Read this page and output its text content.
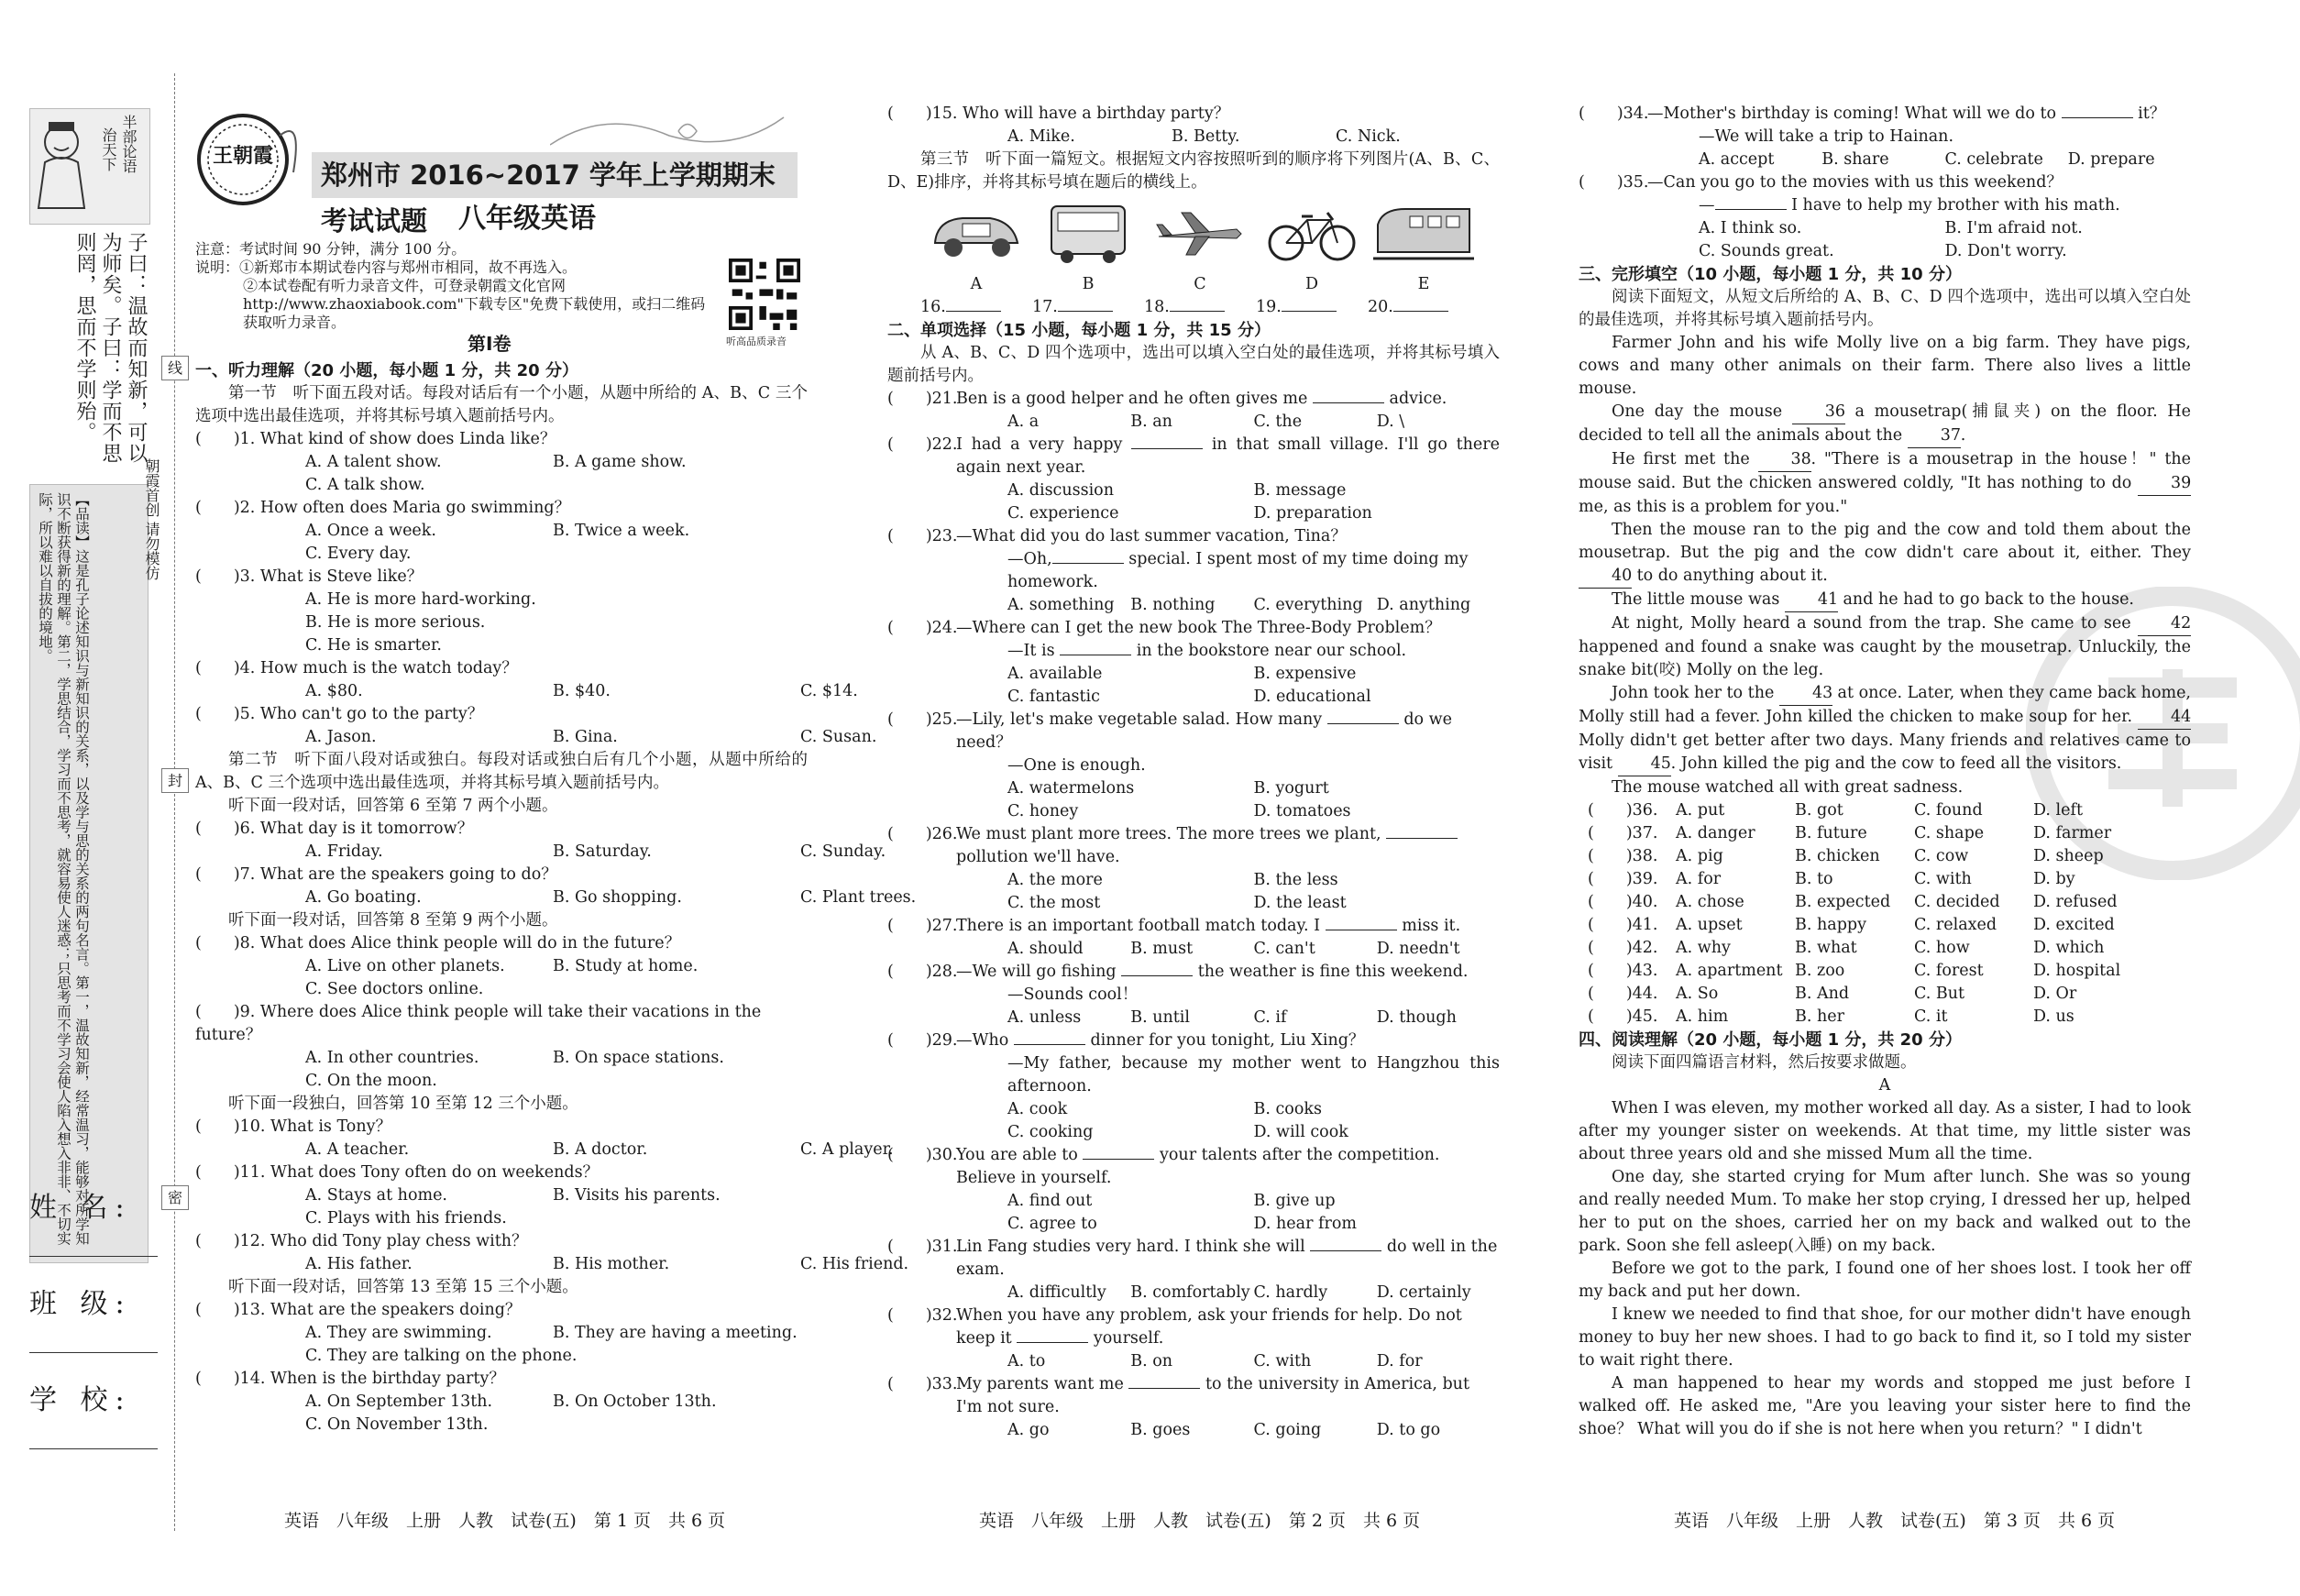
半部论语
治天下
子曰：温故而知新，可以为师矣。子曰：学而不思则罔，思而不学则殆。
【品读】这是孔子论述知识与新知识的关系，以及学与思的关系的两句名言。第一，温故知新，经常温习，能够对所学知识不断获得新的理解。第二，学思结合，学习而不思考，就容易使人迷惑；只思考而不学习会使人陷入想入非非、不切实际，所以难以自拔的境地。
姓 名:
班 级:
学 校:
线
封
密
朝霞首创 请勿模仿
王朝霞
郑州市 2016~2017 学年上学期期末考试试题	八年级英语
注意：考试时间 90 分钟，满分 100 分。
说明：①新郑市本期试卷内容与郑州市相同，故不再选入。
②本试卷配有听力录音文件，可登录朝霞文化官网 http://www.zhaoxiabook.com"下载专区"免费下载使用，或扫二维码获取听力录音。
听高品质录音
第Ⅰ卷
一、听力理解（20 小题，每小题 1 分，共 20 分）
第一节　听下面五段对话。每段对话后有一个小题，从题中所给的 A、B、C 三个选项中选出最佳选项，并将其标号填入题前括号内。
(　　)1. What kind of show does Linda like？
A. A talent show.	B. A game show.
C. A talk show.
(　　)2. How often does Maria go swimming？
A. Once a week.	B. Twice a week.
C. Every day.
(　　)3. What is Steve like？
A. He is more hard-working.
B. He is more serious.
C. He is smarter.
(　　)4. How much is the watch today？
A. $80.	B. $40.	C. $14.
(　　)5. Who can't go to the party？
A. Jason.	B. Gina.	C. Susan.
第二节　听下面八段对话或独白。每段对话或独白后有几个小题，从题中所给的 A、B、C 三个选项中选出最佳选项，并将其标号填入题前括号内。
听下面一段对话，回答第 6 至第 7 两个小题。
(　　)6. What day is it tomorrow？
A. Friday.	B. Saturday.	C. Sunday.
(　　)7. What are the speakers going to do？
A. Go boating.	B. Go shopping.	C. Plant trees.
听下面一段对话，回答第 8 至第 9 两个小题。
(　　)8. What does Alice think people will do in the future？
A. Live on other planets.	B. Study at home.
C. See doctors online.
(　　)9. Where does Alice think people will take their vacations in the future？
A. In other countries.	B. On space stations.
C. On the moon.
听下面一段独白，回答第 10 至第 12 三个小题。
(　　)10. What is Tony？
A. A teacher.	B. A doctor.	C. A player.
(　　)11. What does Tony often do on weekends？
A. Stays at home.	B. Visits his parents.
C. Plays with his friends.
(　　)12. Who did Tony play chess with？
A. His father.	B. His mother.	C. His friend.
听下面一段对话，回答第 13 至第 15 三个小题。
(　　)13. What are the speakers doing？
A. They are swimming.	B. They are having a meeting.
C. They are talking on the phone.
(　　)14. When is the birthday party？
A. On September 13th.	B. On October 13th.
C. On November 13th.
英语　八年级　上册　人教　试卷(五)　第 1 页　共 6 页
(　　)15. Who will have a birthday party？
A. Mike.	B. Betty.	C. Nick.
第三节　听下面一篇短文。根据短文内容按照听到的顺序将下列图片(A、B、C、D、E)排序，并将其标号填在题后的横线上。
A	B	C	D	E
16.	17.	18.	19.	20.
二、单项选择（15 小题，每小题 1 分，共 15 分）
从 A、B、C、D 四个选项中，选出可以填入空白处的最佳选项，并将其标号填入题前括号内。
(　　)21.
Ben is a good helper and he often gives me	advice.
A. a	B. an	C. the	D. \
(　　)22.
I had a very happy	in that small village. I'll go there again next year.
A. discussion	B. message
C. experience	D. preparation
(　　)23.
—What did you do last summer vacation, Tina？
—Oh,	special. I spent most of my time doing my homework.
A. something	B. nothing	C. everything D. anything
(　　)24.
—Where can I get the new book The Three-Body Problem？
—It is	in the bookstore near our school.
A. available	B. expensive
C. fantastic	D. educational
(　　)25.
—Lily, let's make vegetable salad. How many	do we need？
—One is enough.
A. watermelons	B. yogurt
C. honey	D. tomatoes
(　　)26.
We must plant more trees. The more trees we plant,  pollution we'll have.
A. the more	B. the less
C. the most	D. the least
(　　)27.
There is an important football match today. I	miss it.
A. should	B. must	C. can't	D. needn't
(　　)28.
—We will go fishing	the weather is fine this weekend.
—Sounds cool！
A. unless	B. until	C. if	D. though
(　　)29.
—Who	dinner for you tonight, Liu Xing？
—My father, because my mother went to Hangzhou this afternoon.
A. cook	B. cooks
C. cooking	D. will cook
(　　)30.
You are able to	your talents after the competition. Believe in yourself.
A. find out	B. give up
C. agree to	D. hear from
(　　)31.
Lin Fang studies very hard. I think she will	do well in the exam.
A. difficultly	B. comfortably C. hardly	D. certainly
(　　)32.
When you have any problem, ask your friends for help. Do not keep it	yourself.
A. to	B. on	C. with	D. for
(　　)33.
My parents want me	to the university in America, but I'm not sure.
A. go	B. goes	C. going	D. to go
英语　八年级　上册　人教　试卷(五)　第 2 页　共 6 页
(　　)34.
—Mother's birthday is coming! What will we do to	it？
—We will take a trip to Hainan.
A. accept	B. share	C. celebrate	D. prepare
(　　)35.
—Can you go to the movies with us this weekend？
—	I have to help my brother with his math.
A. I think so.	B. I'm afraid not.
C. Sounds great.	D. Don't worry.
三、完形填空（10 小题，每小题 1 分，共 10 分）
阅读下面短文，从短文后所给的 A、B、C、D 四个选项中，选出可以填入空白处的最佳选项，并将其标号填入题前括号内。
Farmer John and his wife Molly live on a big farm. They have pigs, cows and many other animals on their farm. There also lives a little mouse.
One day the mouse	36 a mousetrap(捕鼠夹) on the floor. He decided to tell all the animals about the 37.
He first met the	38. "There is a mousetrap in the house！" the mouse said. But the chicken answered coldly, "It has nothing to do 39 me, as this is a problem for you."
Then the mouse ran to the pig and the cow and told them about the mousetrap. But the pig and the cow didn't care about it, either. They 40 to do anything about it.
The little mouse was 41 and he had to go back to the house.
At night, Molly heard a sound from the trap. She came to see 42 happened and found a snake was caught by the mousetrap. Unluckily, the snake bit(咬) Molly on the leg.
John took her to the 43 at once. Later, when they came back home, Molly still had a fever. John killed the chicken to make soup for her. 44 Molly didn't get better after two days. Many friends and relatives came to visit 45. John killed the pig and the cow to feed all the visitors.
The mouse watched all with great sadness.
(　　)36.	A. put	B. got	C. found	D. left
(　　)37.	A. danger	B. future	C. shape	D. farmer
(　　)38.	A. pig	B. chicken	C. cow	D. sheep
(　　)39.	A. for	B. to	C. with	D. by
(　　)40.	A. chose	B. expected	C. decided	D. refused
(　　)41.	A. upset	B. happy	C. relaxed	D. excited
(　　)42.	A. why	B. what	C. how	D. which
(　　)43.	A. apartment B. zoo	C. forest	D. hospital
(　　)44.	A. So	B. And	C. But	D. Or
(　　)45.	A. him	B. her	C. it	D. us
四、阅读理解（20 小题，每小题 1 分，共 20 分）
阅读下面四篇语言材料，然后按要求做题。
A
When I was eleven, my mother worked all day. As a sister, I had to look after my younger sister on weekends. At that time, my little sister was about three years old and she missed Mum all the time.
One day, she started crying for Mum after lunch. She was so young and really needed Mum. To make her stop crying, I dressed her up, helped her to put on the shoes, carried her on my back and walked out to the park. Soon she fell asleep(入睡) on my back.
Before we got to the park, I found one of her shoes lost. I took her off my back and put her down.
I knew we needed to find that shoe, for our mother didn't have enough money to buy her new shoes. I had to go back to find it, so I told my sister to wait right there.
A man happened to hear my words and stopped me just before I walked off. He asked me, "Are you leaving your sister here to find the shoe？ What will you do if she is not here when you return？" I didn't
英语　八年级　上册　人教　试卷(五)　第 3 页　共 6 页
